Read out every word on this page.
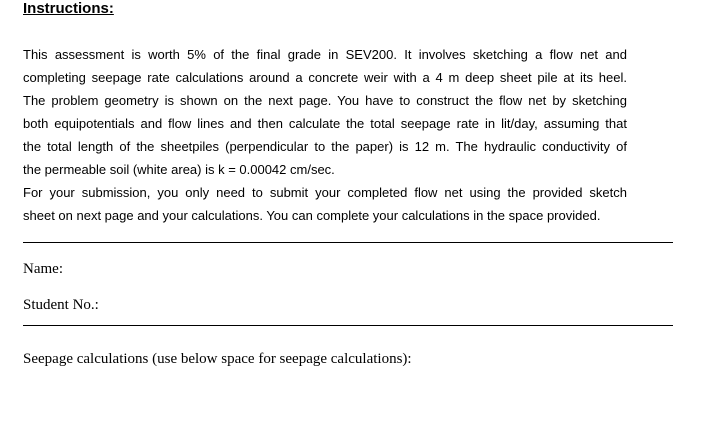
Instructions:

This assessment is worth 5% of the final grade in SEV200. It involves sketching a flow net and
completing seepage rate calculations around a concrete weir with a 4 m deep sheet pile at its heel.
The problem geometry is shown on the next page. You have to construct the flow net by sketching
both equipotentials and flow lines and then calculate the total seepage rate in lit/day, assuming that
the total length of the sheetpiles (perpendicular to the paper) is 12 m. The hydraulic conductivity of
the permeable soil (white area) is k = 0.00042 cm/sec.

For your submission, you only need to submit your completed flow net using the provided sketch
sheet on next page and your calculations. You can complete your calculations in the space provided.

Name:
Student No.:
Seepage calculations (use below space for seepage calculations):
